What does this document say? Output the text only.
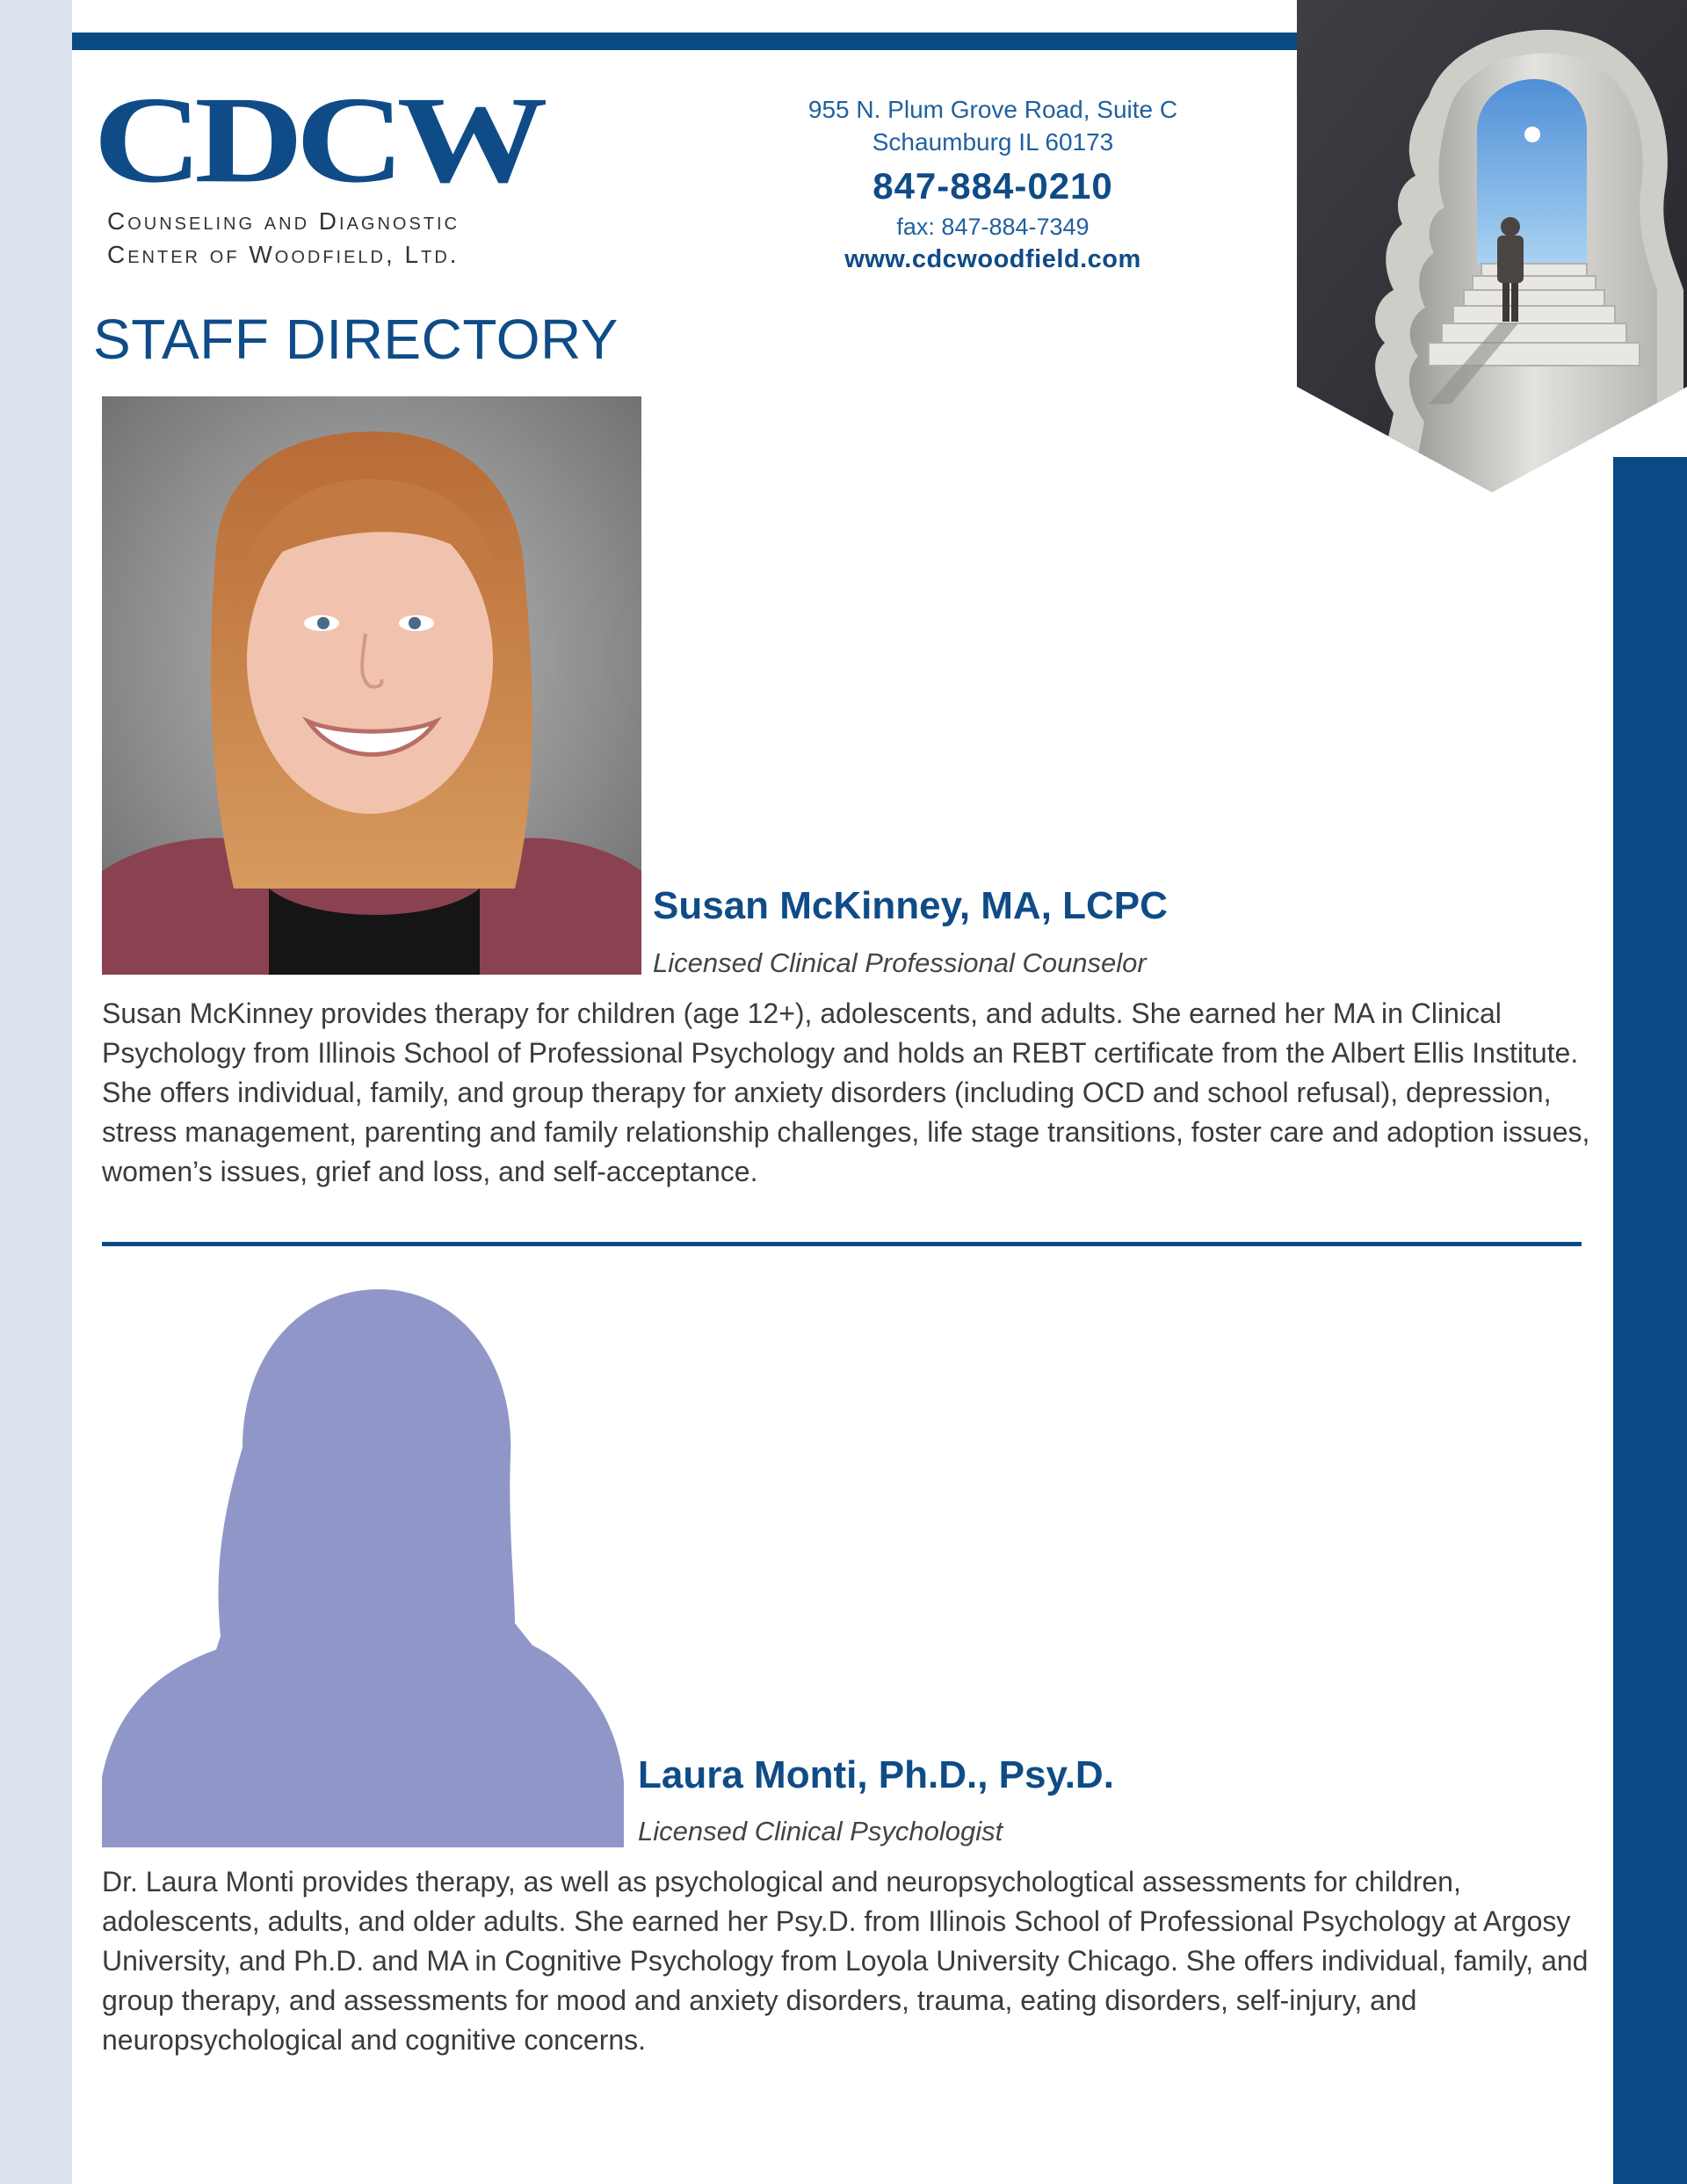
CDCW
Counseling and Diagnostic
Center of Woodfield, Ltd.
955 N. Plum Grove Road, Suite C
Schaumburg IL 60173
847-884-0210
fax: 847-884-7349
www.cdcwoodfield.com
STAFF DIRECTORY
Susan McKinney, MA, LCPC
Licensed Clinical Professional Counselor
Susan McKinney provides therapy for children (age 12+), adolescents, and adults. She earned her MA in Clinical Psychology from Illinois School of Professional Psychology and holds an REBT certificate from the Albert Ellis Institute. She offers individual, family, and group therapy for anxiety disorders (including OCD and school refusal), depression, stress management, parenting and family relationship challenges, life stage transitions, foster care and adoption issues, women’s issues, grief and loss, and self-acceptance.
Laura Monti, Ph.D., Psy.D.
Licensed Clinical Psychologist
Dr. Laura Monti provides therapy, as well as psychological and neuropsychologtical assessments for children, adolescents, adults, and older adults. She earned her Psy.D. from Illinois School of Professional Psychology at Argosy University, and Ph.D. and MA in Cognitive Psychology from Loyola University Chicago. She offers individual, family, and group therapy, and assessments for mood and anxiety disorders, trauma, eating disorders, self-injury, and neuropsychological and cognitive concerns.
